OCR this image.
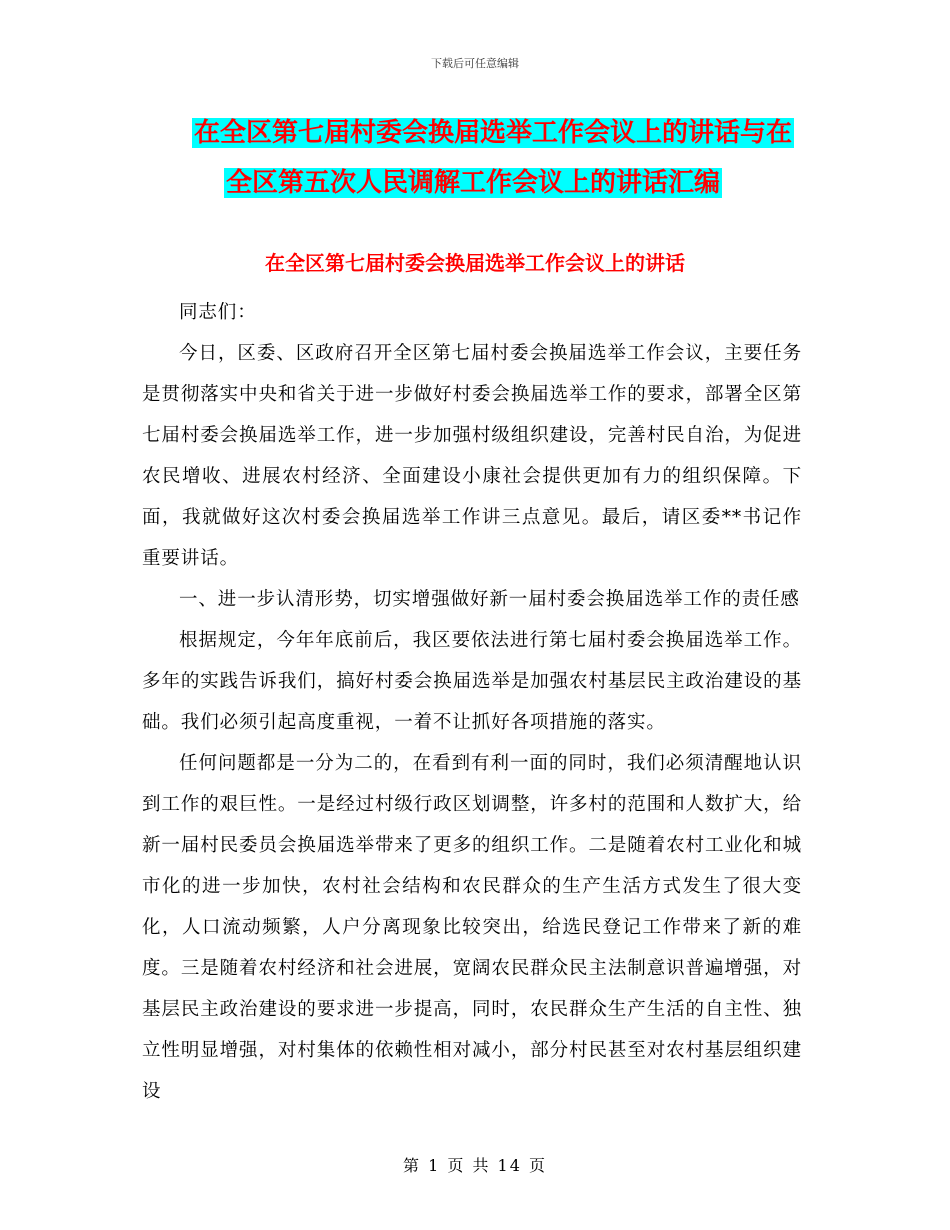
下载后可任意编辑
在全区第七届村委会换届选举工作会议上的讲话与在
全区第五次人民调解工作会议上的讲话汇编
在全区第七届村委会换届选举工作会议上的讲话

同志们：

今日，区委、区政府召开全区第七届村委会换届选举工作会议，主要任务是贯彻落实中央和省关于进一步做好村委会换届选举工作的要求，部署全区第七届村委会换届选举工作，进一步加强村级组织建设，完善村民自治，为促进农民增收、进展农村经济、全面建设小康社会提供更加有力的组织保障。下面，我就做好这次村委会换届选举工作讲三点意见。最后，请区委**书记作重要讲话。

一、进一步认清形势，切实增强做好新一届村委会换届选举工作的责任感

根据规定，今年年底前后，我区要依法进行第七届村委会换届选举工作。多年的实践告诉我们，搞好村委会换届选举是加强农村基层民主政治建设的基础。我们必须引起高度重视，一着不让抓好各项措施的落实。

任何问题都是一分为二的，在看到有利一面的同时，我们必须清醒地认识到工作的艰巨性。一是经过村级行政区划调整，许多村的范围和人数扩大，给新一届村民委员会换届选举带来了更多的组织工作。二是随着农村工业化和城市化的进一步加快，农村社会结构和农民群众的生产生活方式发生了很大变化，人口流动频繁，人户分离现象比较突出，给选民登记工作带来了新的难度。三是随着农村经济和社会进展，宽阔农民群众民主法制意识普遍增强，对基层民主政治建设的要求进一步提高，同时，农民群众生产生活的自主性、独立性明显增强，对村集体的依赖性相对减小，部分村民甚至对农村基层组织建设

第 1 页 共 14 页
